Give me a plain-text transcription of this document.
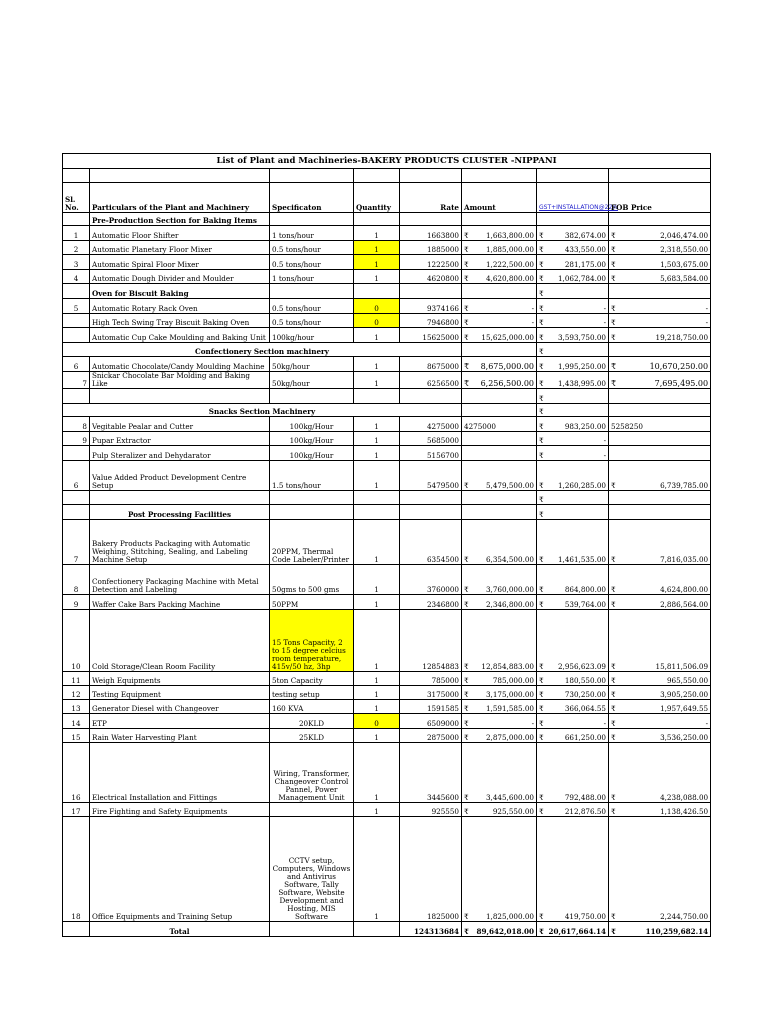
List of Plant and Machineries-BAKERY PRODUCTS CLUSTER -NIPPANI							

Sl. No.	Particulars of the Plant and Machinery	Specificaton	Quantity	Rate	Amount	GST+INSTALLATION@22%	FOB Price
	Pre-Production Section for Baking Items						
1	Automatic Floor Shifter	1 tons/hour	1	1663800	₹ 1,663,800.00	₹ 382,674.00	₹ 2,046,474.00

2	Automatic Planetary Floor Mixer	0.5 tons/hour	1	1885000	₹ 1,885,000.00	₹ 433,550.00	₹ 2,318,550.00

3	Automatic Spiral Floor Mixer	0.5 tons/hour	1	1222500	₹ 1,222,500.00	₹ 281,175.00	₹ 1,503,675.00

4	Automatic Dough Divider and Moulder	1 tons/hour	1	4620800	₹ 4,620,800.00	₹ 1,062,784.00	₹ 5,683,584.00

	Oven for Biscuit Baking					₹	
5	Automatic Rotary Rack Oven	0.5 tons/hour	0	9374166	₹ -	₹ -	₹ -

	High Tech Swing Tray Biscuit Baking Oven	0.5 tons/hour	0	7946800	₹ -	₹ -	₹ -

	Automatic Cup Cake Moulding and Baking Unit	100kg/hour	1	15625000	₹ 15,625,000.00	₹ 3,593,750.00	₹ 19,218,750.00

Confectionery Section machinery						₹	
6	Automatic Chocolate/Candy Moulding Machine	50kg/hour	1	8675000	₹ 8,675,000.00	₹ 1,995,250.00	₹ 10,670,250.00

7	Snickar Chocolate Bar Molding and Baking Like	50kg/hour	1	6256500	₹ 6,256,500.00	₹ 1,438,995.00	₹ 7,695,495.00

						₹	
Snacks Section Machinery						₹	
8	Vegitable Pealar and Cutter	100kg/Hour	1	4275000	4275000	₹ 983,250.00	5258250
9	Pupar Extractor	100kg/Hour	1	5685000		₹ -	

	Pulp Steralizer and Dehydarator	100kg/Hour	1	5156700		₹ -	

6	Value Added Product Development Centre Setup	1.5 tons/hour	1	5479500	₹ 5,479,500.00	₹ 1,260,285.00	₹ 6,739,785.00

						₹	
	Post Processing Facilities					₹	
7	Bakery Products Packaging with Automatic Weighing, Stitching, Sealing, and Labeling Machine Setup	20PPM, Thermal Code Labeler/Printer	1	6354500	₹ 6,354,500.00	₹ 1,461,535.00	₹ 7,816,035.00

8	Confectionery Packaging Machine with Metal Detection and Labeling	50gms to 500 gms	1	3760000	₹ 3,760,000.00	₹ 864,800.00	₹ 4,624,800.00

9	Waffer Cake Bars Packing Machine	50PPM	1	2346800	₹ 2,346,800.00	₹ 539,764.00	₹ 2,886,564.00

10	Cold Storage/Clean Room Facility	15 Tons Capacity, 2 to 15 degree celcius room temperature, 415v/50 hz, 3hp	1	12854883	₹ 12,854,883.00	₹ 2,956,623.09	₹ 15,811,506.09

11	Weigh Equipments	5ton Capacity	1	785000	₹ 785,000.00	₹ 180,550.00	₹ 965,550.00

12	Testing Equipment	testing setup	1	3175000	₹ 3,175,000.00	₹ 730,250.00	₹ 3,905,250.00

13	Generator Diesel with Changeover	160 KVA	1	1591585	₹ 1,591,585.00	₹ 366,064.55	₹ 1,957,649.55

14	ETP	20KLD	0	6509000	₹ -	₹ -	₹ -

15	Rain Water Harvesting Plant	25KLD	1	2875000	₹ 2,875,000.00	₹ 661,250.00	₹ 3,536,250.00

16	Electrical Installation and Fittings	Wiring, Transformer, Changeover Control Pannel, Power Management Unit	1	3445600	₹ 3,445,600.00	₹ 792,488.00	₹ 4,238,088.00

17	Fire Fighting and Safety Equipments		1	925550	₹ 925,550.00	₹ 212,876.50	₹ 1,138,426.50

18	Office Equipments and Training Setup	CCTV setup, Computers, Windows and Antivirus Software, Tally Software, Website Development and Hosting, MIS Software	1	1825000	₹ 1,825,000.00	₹ 419,750.00	₹ 2,244,750.00

	Total			124313684	₹ 89,642,018.00	₹ 20,617,664.14	₹ 110,259,682.14
